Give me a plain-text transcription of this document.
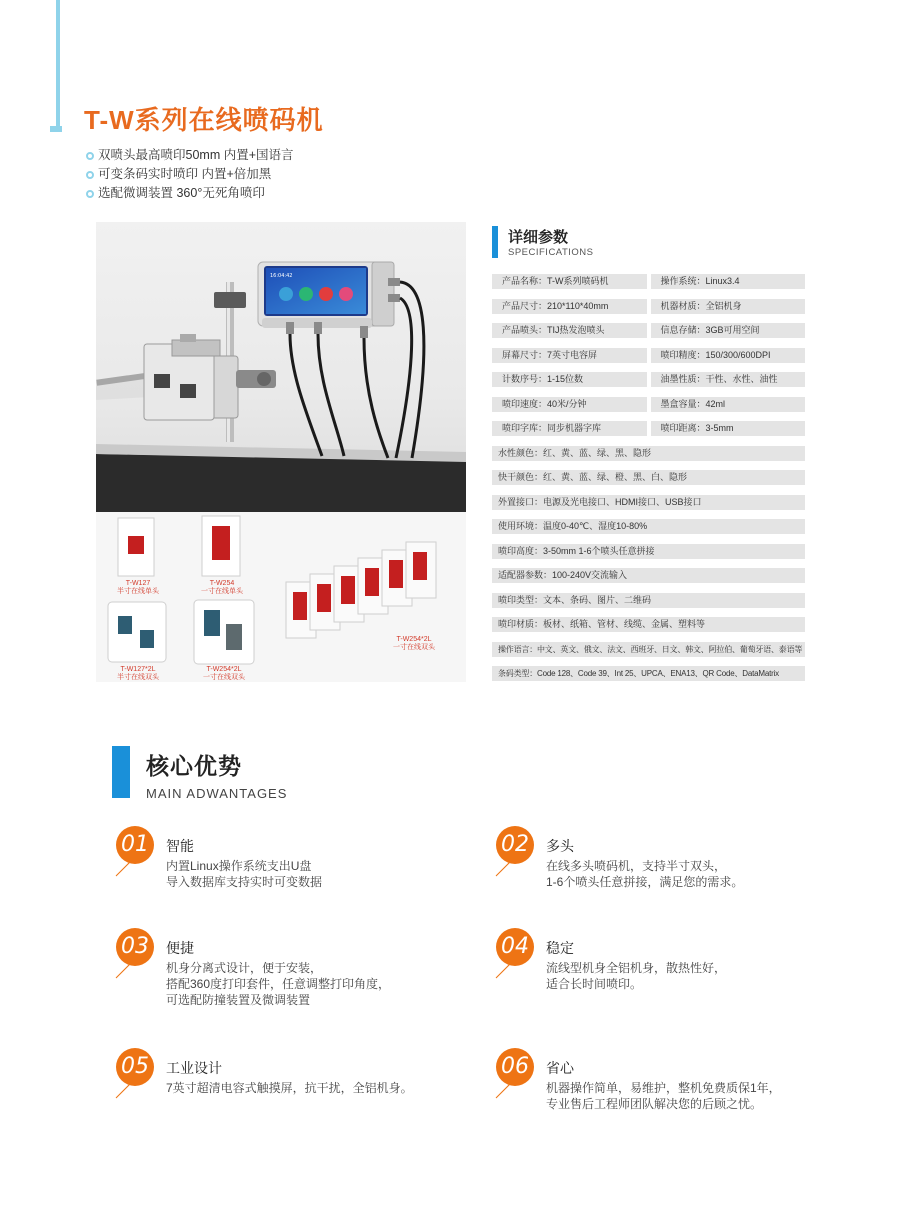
T-W系列在线喷码机
双喷头最高喷印50mm 内置+国语言
可变条码实时喷印 内置+倍加黑
选配微调装置 360°无死角喷印
16:04:42
T-W127
半寸在线单头
T-W254
一寸在线单头
T-W127*2L
半寸在线双头
T-W254*2L
一寸在线双头
T-W254*2L
一寸在线双头
详细参数
SPECIFICATIONS
产品名称：T-W系列喷码机	操作系统：Linux3.4
产品尺寸：210*110*40mm	机器材质：全铝机身
产品喷头：TIJ热发泡喷头	信息存储：3GB可用空间
屏幕尺寸：7英寸电容屏	喷印精度：150/300/600DPI
计数序号：1-15位数	油墨性质：干性、水性、油性
喷印速度：40米/分钟	墨盒容量：42ml
喷印字库：同步机器字库	喷印距离：3-5mm
水性颜色：红、黄、蓝、绿、黑、隐形
快干颜色：红、黄、蓝、绿、橙、黑、白、隐形
外置接口：电源及光电接口、HDMI接口、USB接口
使用环境：温度0-40℃、湿度10-80%
喷印高度：3-50mm 1-6个喷头任意拼接
适配器参数：100-240V交流输入
喷印类型：文本、条码、图片、二维码
喷印材质：板材、纸箱、管材、线缆、金属、塑料等
操作语言：中文、英文、俄文、法文、西班牙、日文、韩文、阿拉伯、葡萄牙语、泰语等
条码类型：Code 128、Code 39、Int 25、UPCA、ENA13、QR Code、DataMatrix
核心优势
MAIN ADWANTAGES
01	智能
内置Linux操作系统支出U盘
导入数据库支持实时可变数据
02	多头
在线多头喷码机，支持半寸双头，
1-6个喷头任意拼接，满足您的需求。
03	便捷
机身分离式设计，便于安装，
搭配360度打印套件，任意调整打印角度，
可选配防撞装置及微调装置
04	稳定
流线型机身全铝机身，散热性好，
适合长时间喷印。
05	工业设计
7英寸超清电容式触摸屏，抗干扰，全铝机身。
06	省心
机器操作简单，易维护，整机免费质保1年，
专业售后工程师团队解决您的后顾之忧。
